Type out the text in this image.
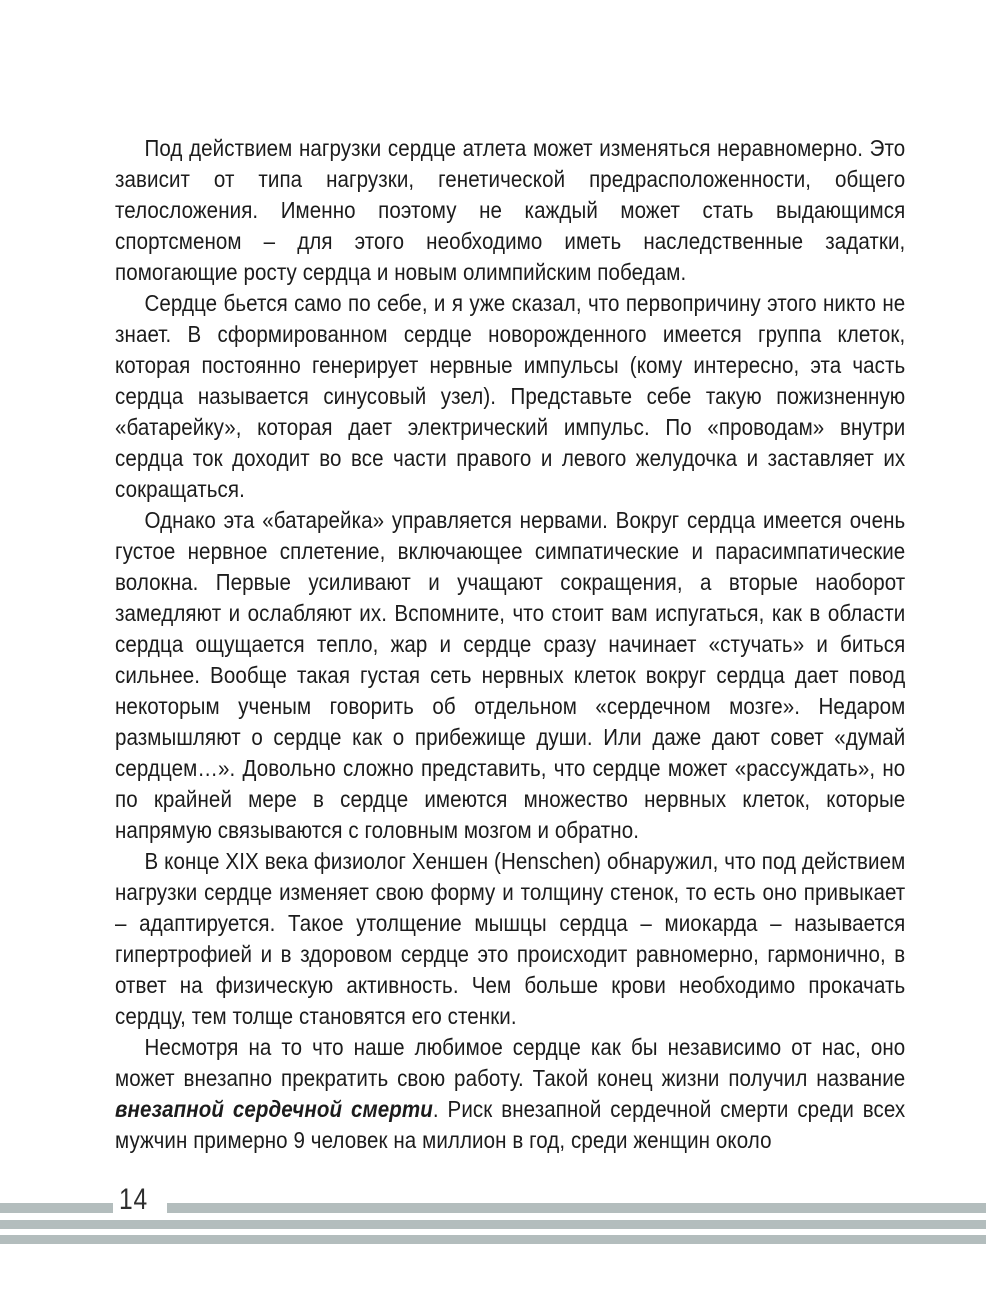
Под действием нагрузки сердце атлета может изменяться неравномерно. Это зависит от типа нагрузки, генетической предрасположенности, общего телосложения. Именно поэтому не каждый может стать выдающимся спортсменом – для этого необходимо иметь наследственные задатки, помогающие росту сердца и новым олимпийским победам.

Сердце бьется само по себе, и я уже сказал, что первопричину этого никто не знает. В сформированном сердце новорожденного имеется группа клеток, которая постоянно генерирует нервные импульсы (кому интересно, эта часть сердца называется синусовый узел). Представьте себе такую пожизненную «батарейку», которая дает электрический импульс. По «проводам» внутри сердца ток доходит во все части правого и левого желудочка и заставляет их сокращаться.

Однако эта «батарейка» управляется нервами. Вокруг сердца имеется очень густое нервное сплетение, включающее симпатические и парасимпатические волокна. Первые усиливают и учащают сокращения, а вторые наоборот замедляют и ослабляют их. Вспомните, что стоит вам испугаться, как в области сердца ощущается тепло, жар и сердце сразу начинает «стучать» и биться сильнее. Вообще такая густая сеть нервных клеток вокруг сердца дает повод некоторым ученым говорить об отдельном «сердечном мозге». Недаром размышляют о сердце как о прибежище души. Или даже дают совет «думай сердцем…». Довольно сложно представить, что сердце может «рассуждать», но по крайней мере в сердце имеются множество нервных клеток, которые напрямую связываются с головным мозгом и обратно.

В конце XIX века физиолог Хеншен (Henschen) обнаружил, что под действием нагрузки сердце изменяет свою форму и толщину стенок, то есть оно привыкает – адаптируется. Такое утолщение мышцы сердца – миокарда – называется гипертрофией и в здоровом сердце это происходит равномерно, гармонично, в ответ на физическую активность. Чем больше крови необходимо прокачать сердцу, тем толще становятся его стенки.

Несмотря на то что наше любимое сердце как бы независимо от нас, оно может внезапно прекратить свою работу. Такой конец жизни получил название внезапной сердечной смерти. Риск внезапной сердечной смерти среди всех мужчин примерно 9 человек на миллион в год, среди женщин около

14
